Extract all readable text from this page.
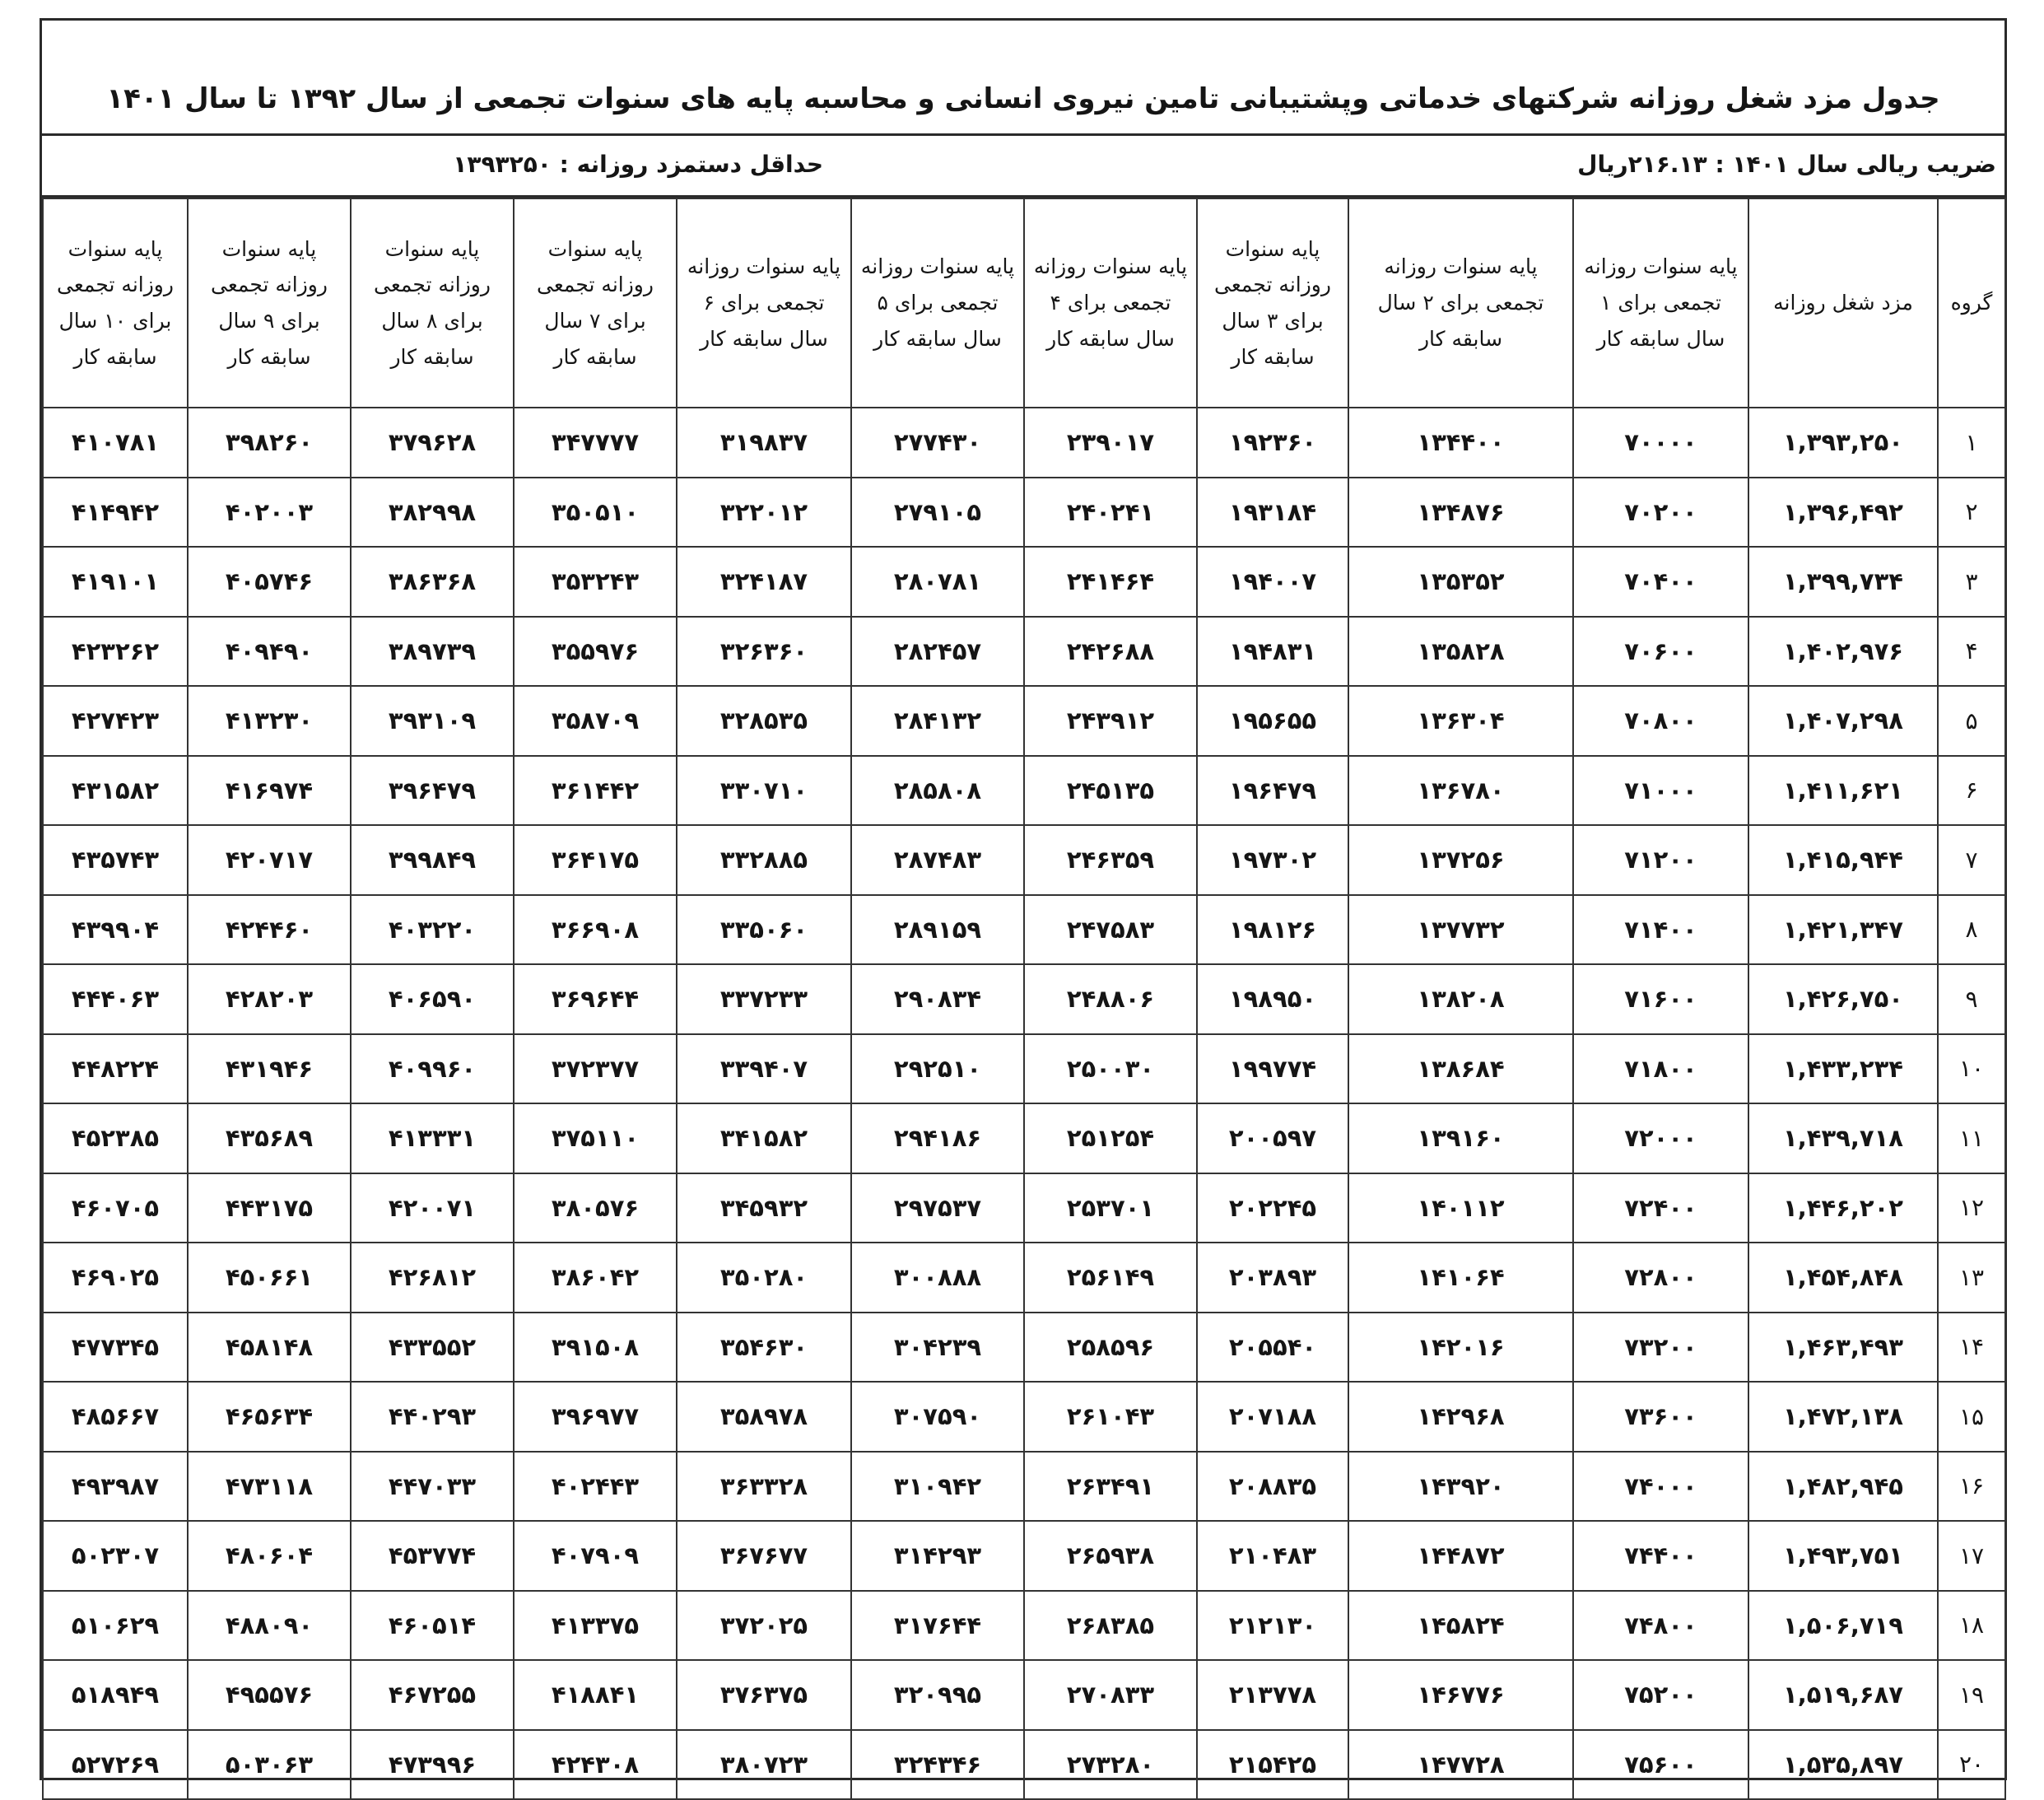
جدول مزد شغل روزانه شرکتهای خدماتی وپشتیبانی تامین نیروی انسانی و محاسبه پایه های سنوات تجمعی از سال ۱۳۹۲ تا سال ۱۴۰۱
ضریب ریالی سال ۱۴۰۱ : ۲۱۶.۱۳ریال
حداقل دستمزد روزانه : ۱۳۹۳۲۵۰
گروه	مزد شغل روزانه	پایه سنوات روزانه تجمعی برای ۱ سال سابقه کار	پایه سنوات روزانه تجمعی برای ۲ سال سابقه کار	پایه سنوات روزانه تجمعی برای ۳ سال سابقه کار	پایه سنوات روزانه تجمعی برای ۴ سال سابقه کار	پایه سنوات روزانه تجمعی برای ۵ سال سابقه کار	پایه سنوات روزانه تجمعی برای ۶ سال سابقه کار	پایه سنوات روزانه تجمعی برای ۷ سال سابقه کار	پایه سنوات روزانه تجمعی برای ۸ سال سابقه کار	پایه سنوات روزانه تجمعی برای ۹ سال سابقه کار	پایه سنوات روزانه تجمعی برای ۱۰ سال سابقه کار
۱	۱,۳۹۳,۲۵۰	۷۰۰۰۰	۱۳۴۴۰۰	۱۹۲۳۶۰	۲۳۹۰۱۷	۲۷۷۴۳۰	۳۱۹۸۳۷	۳۴۷۷۷۷	۳۷۹۶۲۸	۳۹۸۲۶۰	۴۱۰۷۸۱
۲	۱,۳۹۶,۴۹۲	۷۰۲۰۰	۱۳۴۸۷۶	۱۹۳۱۸۴	۲۴۰۲۴۱	۲۷۹۱۰۵	۳۲۲۰۱۲	۳۵۰۵۱۰	۳۸۲۹۹۸	۴۰۲۰۰۳	۴۱۴۹۴۲
۳	۱,۳۹۹,۷۳۴	۷۰۴۰۰	۱۳۵۳۵۲	۱۹۴۰۰۷	۲۴۱۴۶۴	۲۸۰۷۸۱	۳۲۴۱۸۷	۳۵۳۲۴۳	۳۸۶۳۶۸	۴۰۵۷۴۶	۴۱۹۱۰۱
۴	۱,۴۰۲,۹۷۶	۷۰۶۰۰	۱۳۵۸۲۸	۱۹۴۸۳۱	۲۴۲۶۸۸	۲۸۲۴۵۷	۳۲۶۳۶۰	۳۵۵۹۷۶	۳۸۹۷۳۹	۴۰۹۴۹۰	۴۲۳۲۶۲
۵	۱,۴۰۷,۲۹۸	۷۰۸۰۰	۱۳۶۳۰۴	۱۹۵۶۵۵	۲۴۳۹۱۲	۲۸۴۱۳۲	۳۲۸۵۳۵	۳۵۸۷۰۹	۳۹۳۱۰۹	۴۱۳۲۳۰	۴۲۷۴۲۳
۶	۱,۴۱۱,۶۲۱	۷۱۰۰۰	۱۳۶۷۸۰	۱۹۶۴۷۹	۲۴۵۱۳۵	۲۸۵۸۰۸	۳۳۰۷۱۰	۳۶۱۴۴۲	۳۹۶۴۷۹	۴۱۶۹۷۴	۴۳۱۵۸۲
۷	۱,۴۱۵,۹۴۴	۷۱۲۰۰	۱۳۷۲۵۶	۱۹۷۳۰۲	۲۴۶۳۵۹	۲۸۷۴۸۳	۳۳۲۸۸۵	۳۶۴۱۷۵	۳۹۹۸۴۹	۴۲۰۷۱۷	۴۳۵۷۴۳
۸	۱,۴۲۱,۳۴۷	۷۱۴۰۰	۱۳۷۷۳۲	۱۹۸۱۲۶	۲۴۷۵۸۳	۲۸۹۱۵۹	۳۳۵۰۶۰	۳۶۶۹۰۸	۴۰۳۲۲۰	۴۲۴۴۶۰	۴۳۹۹۰۴
۹	۱,۴۲۶,۷۵۰	۷۱۶۰۰	۱۳۸۲۰۸	۱۹۸۹۵۰	۲۴۸۸۰۶	۲۹۰۸۳۴	۳۳۷۲۳۳	۳۶۹۶۴۴	۴۰۶۵۹۰	۴۲۸۲۰۳	۴۴۴۰۶۳
۱۰	۱,۴۳۳,۲۳۴	۷۱۸۰۰	۱۳۸۶۸۴	۱۹۹۷۷۴	۲۵۰۰۳۰	۲۹۲۵۱۰	۳۳۹۴۰۷	۳۷۲۳۷۷	۴۰۹۹۶۰	۴۳۱۹۴۶	۴۴۸۲۲۴
۱۱	۱,۴۳۹,۷۱۸	۷۲۰۰۰	۱۳۹۱۶۰	۲۰۰۵۹۷	۲۵۱۲۵۴	۲۹۴۱۸۶	۳۴۱۵۸۲	۳۷۵۱۱۰	۴۱۳۳۳۱	۴۳۵۶۸۹	۴۵۲۳۸۵
۱۲	۱,۴۴۶,۲۰۲	۷۲۴۰۰	۱۴۰۱۱۲	۲۰۲۲۴۵	۲۵۳۷۰۱	۲۹۷۵۳۷	۳۴۵۹۳۲	۳۸۰۵۷۶	۴۲۰۰۷۱	۴۴۳۱۷۵	۴۶۰۷۰۵
۱۳	۱,۴۵۴,۸۴۸	۷۲۸۰۰	۱۴۱۰۶۴	۲۰۳۸۹۳	۲۵۶۱۴۹	۳۰۰۸۸۸	۳۵۰۲۸۰	۳۸۶۰۴۲	۴۲۶۸۱۲	۴۵۰۶۶۱	۴۶۹۰۲۵
۱۴	۱,۴۶۳,۴۹۳	۷۳۲۰۰	۱۴۲۰۱۶	۲۰۵۵۴۰	۲۵۸۵۹۶	۳۰۴۲۳۹	۳۵۴۶۳۰	۳۹۱۵۰۸	۴۳۳۵۵۲	۴۵۸۱۴۸	۴۷۷۳۴۵
۱۵	۱,۴۷۲,۱۳۸	۷۳۶۰۰	۱۴۲۹۶۸	۲۰۷۱۸۸	۲۶۱۰۴۳	۳۰۷۵۹۰	۳۵۸۹۷۸	۳۹۶۹۷۷	۴۴۰۲۹۳	۴۶۵۶۳۴	۴۸۵۶۶۷
۱۶	۱,۴۸۲,۹۴۵	۷۴۰۰۰	۱۴۳۹۲۰	۲۰۸۸۳۵	۲۶۳۴۹۱	۳۱۰۹۴۲	۳۶۳۳۲۸	۴۰۲۴۴۳	۴۴۷۰۳۳	۴۷۳۱۱۸	۴۹۳۹۸۷
۱۷	۱,۴۹۳,۷۵۱	۷۴۴۰۰	۱۴۴۸۷۲	۲۱۰۴۸۳	۲۶۵۹۳۸	۳۱۴۲۹۳	۳۶۷۶۷۷	۴۰۷۹۰۹	۴۵۳۷۷۴	۴۸۰۶۰۴	۵۰۲۳۰۷
۱۸	۱,۵۰۶,۷۱۹	۷۴۸۰۰	۱۴۵۸۲۴	۲۱۲۱۳۰	۲۶۸۳۸۵	۳۱۷۶۴۴	۳۷۲۰۲۵	۴۱۳۳۷۵	۴۶۰۵۱۴	۴۸۸۰۹۰	۵۱۰۶۲۹
۱۹	۱,۵۱۹,۶۸۷	۷۵۲۰۰	۱۴۶۷۷۶	۲۱۳۷۷۸	۲۷۰۸۳۳	۳۲۰۹۹۵	۳۷۶۳۷۵	۴۱۸۸۴۱	۴۶۷۲۵۵	۴۹۵۵۷۶	۵۱۸۹۴۹
۲۰	۱,۵۳۵,۸۹۷	۷۵۶۰۰	۱۴۷۷۲۸	۲۱۵۴۲۵	۲۷۳۲۸۰	۳۲۴۳۴۶	۳۸۰۷۲۳	۴۲۴۳۰۸	۴۷۳۹۹۶	۵۰۳۰۶۳	۵۲۷۲۶۹
